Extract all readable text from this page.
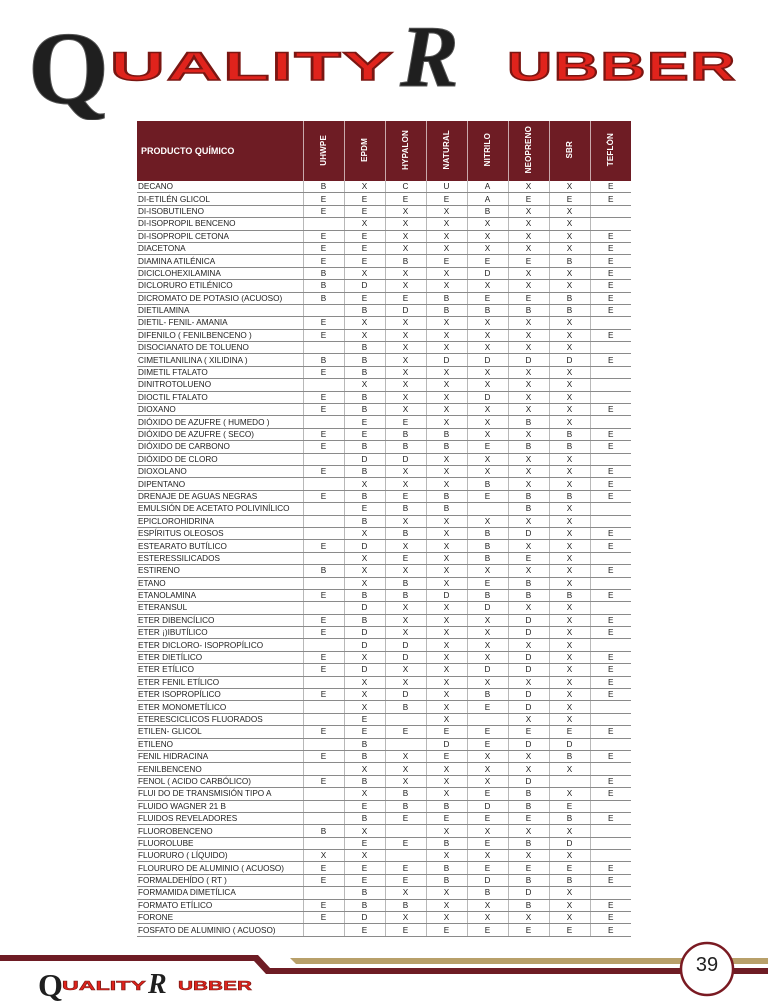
Q UALITY R UBBER
PRODUCTO QUÍMICO	UHWPE	EPDM	HYPALON	NATURAL	NITRILO	NEOPRENO	SBR	TEFLÓN
DECANO	B	X	C	U	A	X	X	E
DI-ETILÉN GLICOL	E	E	E	E	A	E	E	E
DI-ISOBUTILENO	E	E	X	X	B	X	X	
DI-ISOPROPIL BENCENO		X	X	X	X	X	X	
DI-ISOPROPIL CETONA	E	E	X	X	X	X	X	E
DIACETONA	E	E	X	X	X	X	X	E
DIAMINA ATILÉNICA	E	E	B	E	E	E	B	E
DICICLOHEXILAMINA	B	X	X	X	D	X	X	E
DICLORURO ETILÉNICO	B	D	X	X	X	X	X	E
DICROMATO DE POTASIO (ACUOSO)	B	E	E	B	E	E	B	E
DIETILAMINA		B	D	B	B	B	B	E
DIETIL- FENIL- AMANIA	E	X	X	X	X	X	X	
DIFENILO ( FENILBENCENO )	E	X	X	X	X	X	X	E
DISOCIANATO DE TOLUENO		B	X	X	X	X	X	
CIMETILANILINA ( XILIDINA )	B	B	X	D	D	D	D	E
DIMETIL FTALATO	E	B	X	X	X	X	X	
DINITROTOLUENO		X	X	X	X	X	X	
DIOCTIL FTALATO	E	B	X	X	D	X	X	
DIOXANO	E	B	X	X	X	X	X	E
DIÓXIDO DE AZUFRE ( HUMEDO )		E	E	X	X	B	X	
DIÓXIDO DE AZUFRE ( SECO)	E	E	B	B	X	X	B	E
DIÓXIDO DE CARBONO	E	B	B	B	E	B	B	E
DIÓXIDO DE CLORO		D	D	X	X	X	X	
DIOXOLANO	E	B	X	X	X	X	X	E
DIPENTANO		X	X	X	B	X	X	E
DRENAJE DE AGUAS NEGRAS	E	B	E	B	E	B	B	E
EMULSIÓN DE ACETATO POLIVINÍLICO		E	B	B		B	X	
EPICLOROHIDRINA		B	X	X	X	X	X	
ESPÍRITUS OLEOSOS		X	B	X	B	D	X	E
ESTEARATO BUTÍLICO	E	D	X	X	B	X	X	E
ESTERESSILICADOS		X	E	X	B	E	X	
ESTIRENO	B	X	X	X	X	X	X	E
ETANO		X	B	X	E	B	X	
ETANOLAMINA	E	B	B	D	B	B	B	E
ETERANSUL		D	X	X	D	X	X	
ETER DIBENCÍLICO	E	B	X	X	X	D	X	E
ETER ¡)IBUTÍLICO	E	D	X	X	X	D	X	E
ETER DICLORO- ISOPROPÍLICO		D	D	X	X	X	X	
ETER DIETÍLICO	E	X	D	X	X	D	X	E
ETER ETÍLICO	E	D	X	X	D	D	X	E
ETER FENIL ETÍLICO		X	X	X	X	X	X	E
ETER ISOPROPÍLICO	E	X	D	X	B	D	X	E
ETER MONOMETÍLICO		X	B	X	E	D	X	
ETERESCICLICOS FLUORADOS		E		X		X	X	
ETILEN- GLICOL	E	E	E	E	E	E	E	E
ETILENO		B		D	E	D	D	
FENIL HIDRACINA	E	B	X	E	X	X	B	E
FENILBENCENO		X	X	X	X	X	X	
FENOL ( ACIDO CARBÓLICO)	E	B	X	X	X	D		E
FLUI DO DE TRANSMISIÓN TIPO A		X	B	X	E	B	X	E
FLUIDO WAGNER 21 B		E	B	B	D	B	E	
FLUIDOS REVELADORES		B	E	E	E	E	B	E
FLUOROBENCENO	B	X		X	X	X	X	
FLUOROLUBE		E	E	B	E	B	D	
FLUORURO ( LÍQUIDO)	X	X		X	X	X	X	
FLOURURO DE ALUMINIO ( ACUOSO)	E	E	E	B	E	E	E	E
FORMALDEHÍDO ( RT )	E	E	E	B	D	B	B	E
FORMAMIDA DIMETÍLICA		B	X	X	B	D	X	
FORMATO ETÍLICO	E	B	B	X	X	B	X	E
FORONE	E	D	X	X	X	X	X	E
FOSFATO DE ALUMINIO ( ACUOSO)		E	E	E	E	E	E	E
Q UALITY R UBBER
39
